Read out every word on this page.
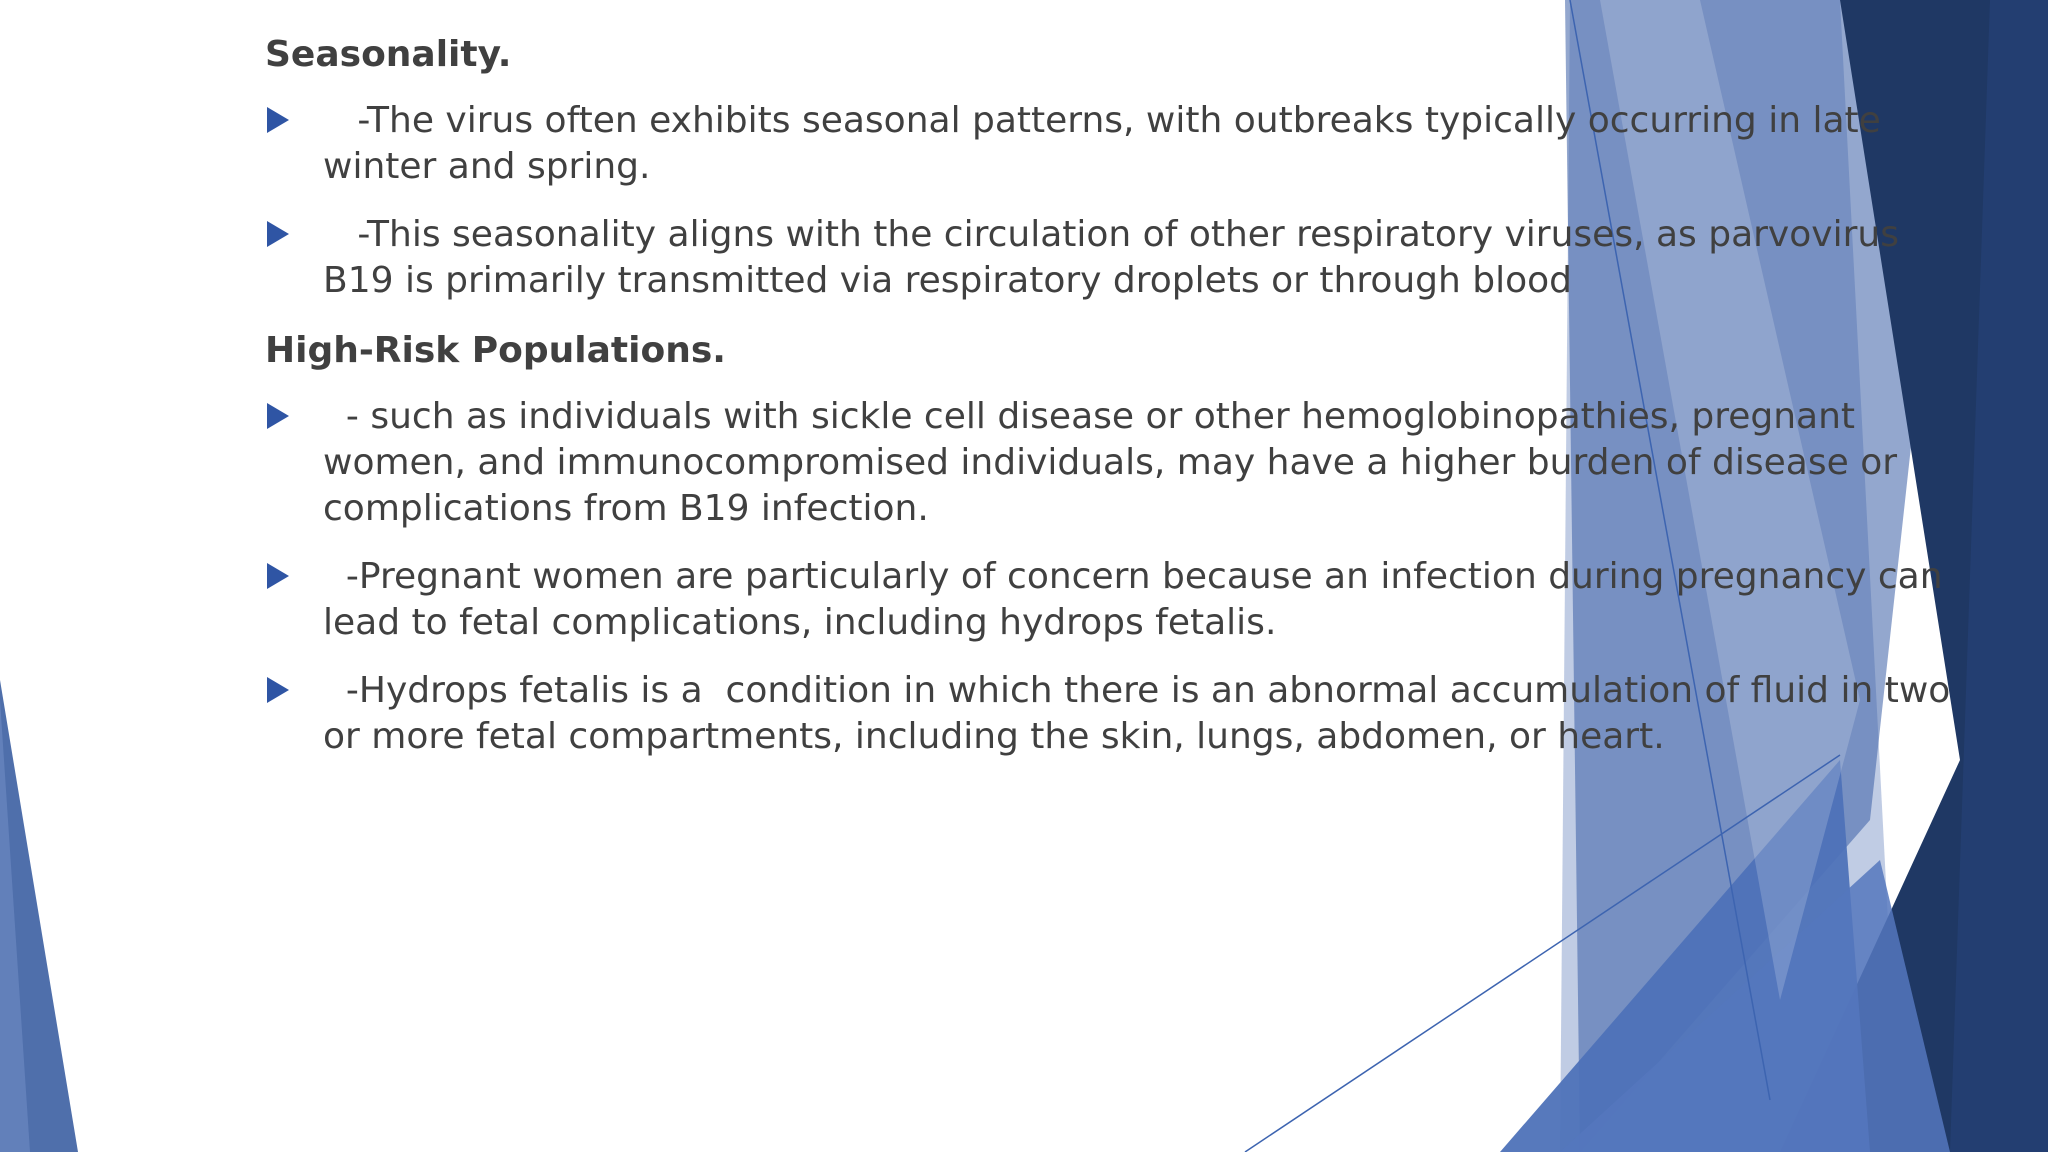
Seasonality.
-The virus often exhibits seasonal patterns, with outbreaks typically occurring in late winter and spring.
-This seasonality aligns with the circulation of other respiratory viruses, as parvovirus B19 is primarily transmitted via respiratory droplets or through blood
High-Risk Populations.
- such as individuals with sickle cell disease or other hemoglobinopathies, pregnant women, and immunocompromised individuals, may have a higher burden of disease or complications from B19 infection.
-Pregnant women are particularly of concern because an infection during pregnancy can lead to fetal complications, including hydrops fetalis.
-Hydrops fetalis is a  condition in which there is an abnormal accumulation of fluid in two or more fetal compartments, including the skin, lungs, abdomen, or heart.
